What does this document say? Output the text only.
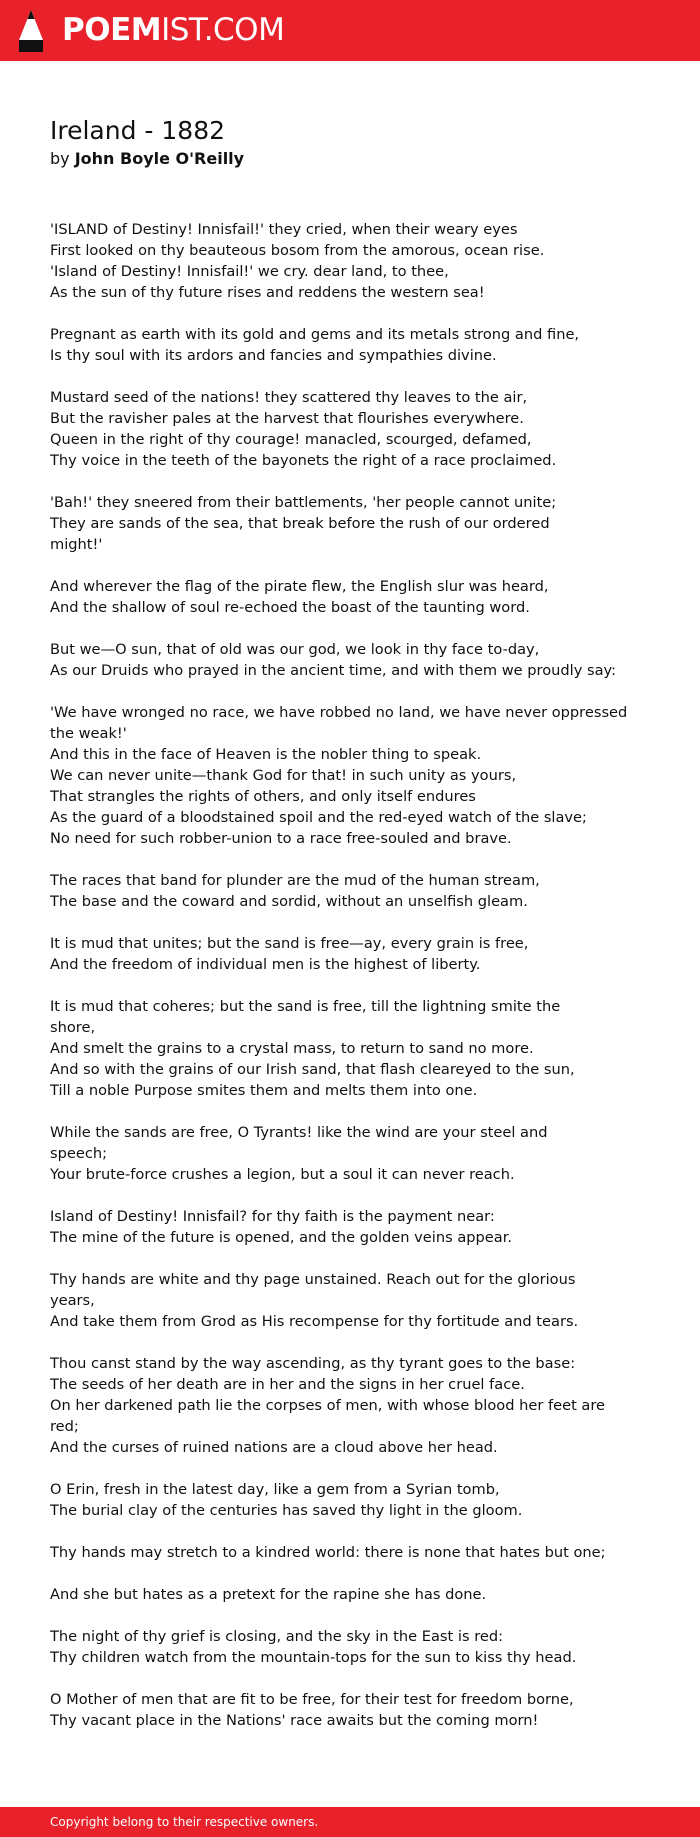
POEMIST.COM
Ireland - 1882
by John Boyle O'Reilly
'ISLAND of Destiny! Innisfail!' they cried, when their weary eyes
First looked on thy beauteous bosom from the amorous, ocean rise.
'Island of Destiny! Innisfail!' we cry. dear land, to thee,
As the sun of thy future rises and reddens the western sea!
Pregnant as earth with its gold and gems and its metals strong and fine,
Is thy soul with its ardors and fancies and sympathies divine.
Mustard seed of the nations! they scattered thy leaves to the air,
But the ravisher pales at the harvest that flourishes everywhere.
Queen in the right of thy courage! manacled, scourged, defamed,
Thy voice in the teeth of the bayonets the right of a race proclaimed.
'Bah!' they sneered from their battlements, 'her people cannot unite;
They are sands of the sea, that break before the rush of our ordered
might!'
And wherever the flag of the pirate flew, the English slur was heard,
And the shallow of soul re-echoed the boast of the taunting word.
But we—O sun, that of old was our god, we look in thy face to-day,
As our Druids who prayed in the ancient time, and with them we proudly say:
'We have wronged no race, we have robbed no land, we have never oppressed
the weak!'
And this in the face of Heaven is the nobler thing to speak.
We can never unite—thank God for that! in such unity as yours,
That strangles the rights of others, and only itself endures
As the guard of a bloodstained spoil and the red-eyed watch of the slave;
No need for such robber-union to a race free-souled and brave.
The races that band for plunder are the mud of the human stream,
The base and the coward and sordid, without an unselfish gleam.
It is mud that unites; but the sand is free—ay, every grain is free,
And the freedom of individual men is the highest of liberty.
It is mud that coheres; but the sand is free, till the lightning smite the
shore,
And smelt the grains to a crystal mass, to return to sand no more.
And so with the grains of our Irish sand, that flash cleareyed to the sun,
Till a noble Purpose smites them and melts them into one.
While the sands are free, O Tyrants! like the wind are your steel and
speech;
Your brute-force crushes a legion, but a soul it can never reach.
Island of Destiny! Innisfail? for thy faith is the payment near:
The mine of the future is opened, and the golden veins appear.
Thy hands are white and thy page unstained. Reach out for the glorious
years,
And take them from Grod as His recompense for thy fortitude and tears.
Thou canst stand by the way ascending, as thy tyrant goes to the base:
The seeds of her death are in her and the signs in her cruel face.
On her darkened path lie the corpses of men, with whose blood her feet are
red;
And the curses of ruined nations are a cloud above her head.
O Erin, fresh in the latest day, like a gem from a Syrian tomb,
The burial clay of the centuries has saved thy light in the gloom.
Thy hands may stretch to a kindred world: there is none that hates but one;
And she but hates as a pretext for the rapine she has done.
The night of thy grief is closing, and the sky in the East is red:
Thy children watch from the mountain-tops for the sun to kiss thy head.
O Mother of men that are fit to be free, for their test for freedom borne,
Thy vacant place in the Nations' race awaits but the coming morn!
Copyright belong to their respective owners.
